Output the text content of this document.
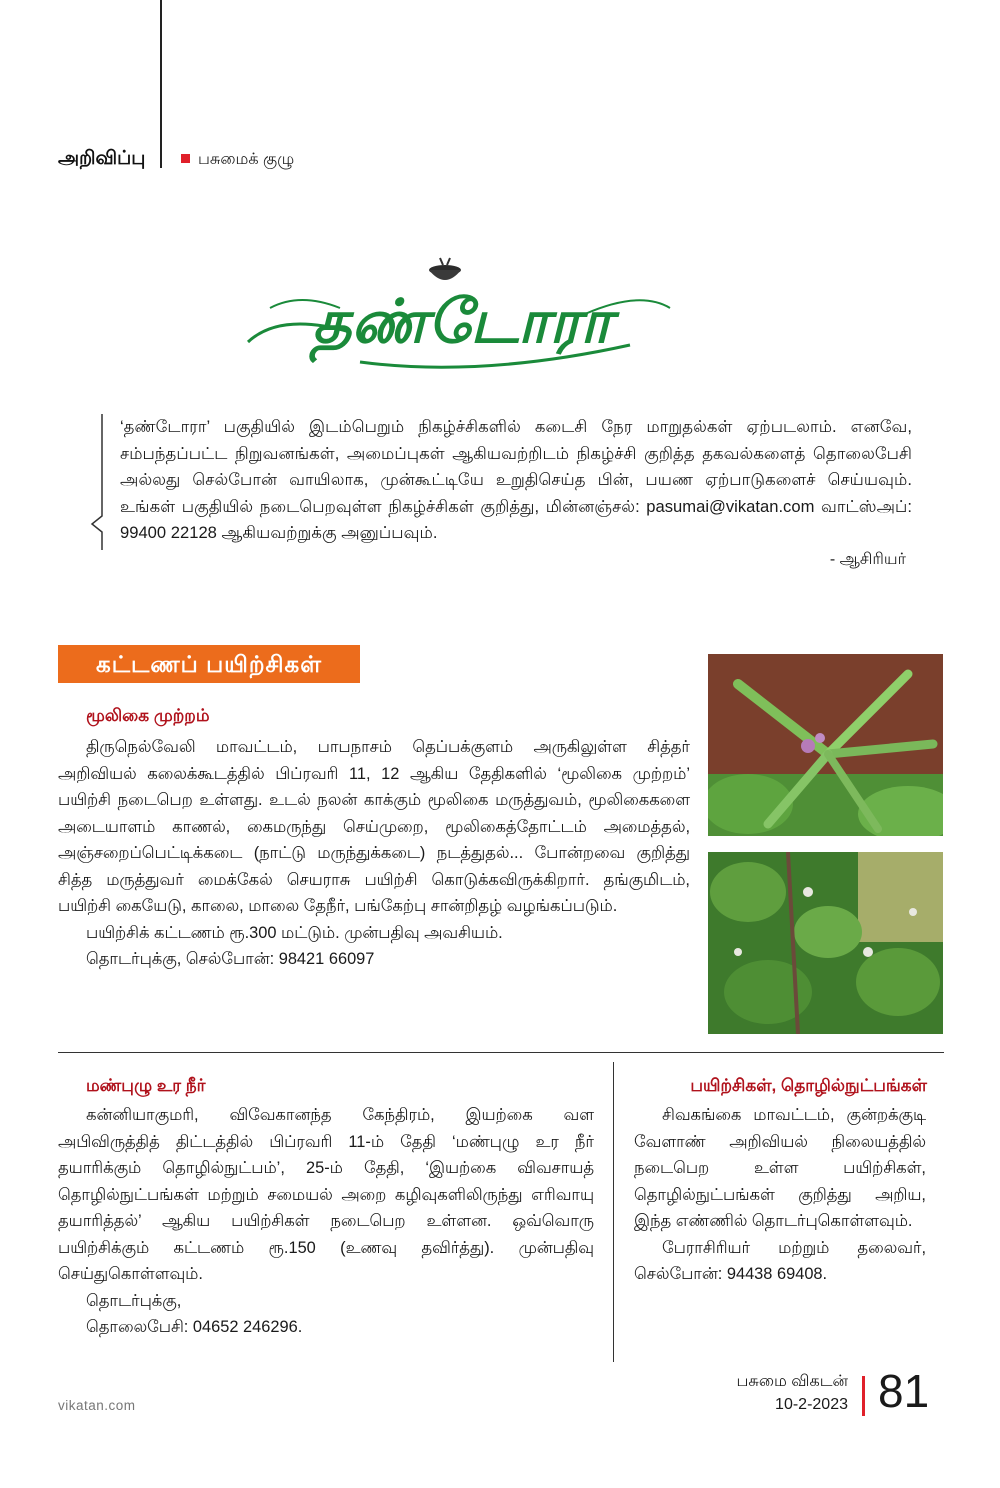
அறிவிப்பு	பசுமைக் குழு
தண்டோரா
‘தண்டோரா’ பகுதியில் இடம்பெறும் நிகழ்ச்சிகளில் கடைசி நேர மாறுதல்கள் ஏற்படலாம். எனவே, சம்பந்தப்பட்ட நிறுவனங்கள், அமைப்புகள் ஆகியவற்றிடம் நிகழ்ச்சி குறித்த தகவல்களைத் தொலைபேசி அல்லது செல்போன் வாயிலாக, முன்கூட்டியே உறுதிசெய்த பின், பயண ஏற்பாடுகளைச் செய்யவும். உங்கள் பகுதியில் நடைபெறவுள்ள நிகழ்ச்சிகள் குறித்து, மின்னஞ்சல்: pasumai@vikatan.com வாட்ஸ்அப்: 99400 22128 ஆகியவற்றுக்கு அனுப்பவும்.
- ஆசிரியர்
கட்டணப் பயிற்சிகள்
மூலிகை முற்றம்

திருநெல்வேலி மாவட்டம், பாபநாசம் தெப்பக்குளம் அருகிலுள்ள சித்தர் அறிவியல் கலைக்கூடத்தில் பிப்ரவரி 11, 12 ஆகிய தேதிகளில் ‘மூலிகை முற்றம்’ பயிற்சி நடைபெற உள்ளது. உடல் நலன் காக்கும் மூலிகை மருத்துவம், மூலிகைகளை அடையாளம் காணல், கைமருந்து செய்முறை, மூலிகைத்தோட்டம் அமைத்தல், அஞ்சறைப்பெட்டிக்கடை (நாட்டு மருந்துக்கடை) நடத்துதல்... போன்றவை குறித்து சித்த மருத்துவர் மைக்கேல் செயராசு பயிற்சி கொடுக்கவிருக்கிறார். தங்குமிடம், பயிற்சி கையேடு, காலை, மாலை தேநீர், பங்கேற்பு சான்றிதழ் வழங்கப்படும்.

பயிற்சிக் கட்டணம் ரூ.300 மட்டும். முன்பதிவு அவசியம்.

தொடர்புக்கு, செல்போன்: 98421 66097

மண்புழு உர நீர்

கன்னியாகுமரி, விவேகானந்த கேந்திரம், இயற்கை வள அபிவிருத்தித் திட்டத்தில் பிப்ரவரி 11-ம் தேதி ‘மண்புழு உர நீர் தயாரிக்கும் தொழில்நுட்பம்’, 25-ம் தேதி, ‘இயற்கை விவசாயத் தொழில்நுட்பங்கள் மற்றும் சமையல் அறை கழிவுகளிலிருந்து எரிவாயு தயாரித்தல்’ ஆகிய பயிற்சிகள் நடைபெற உள்ளன. ஒவ்வொரு பயிற்சிக்கும் கட்டணம் ரூ.150 (உணவு தவிர்த்து). முன்பதிவு செய்துகொள்ளவும்.

தொடர்புக்கு,

தொலைபேசி: 04652 246296.

பயிற்சிகள், தொழில்நுட்பங்கள்

சிவகங்கை மாவட்டம், குன்றக்குடி வேளாண் அறிவியல் நிலையத்தில் நடைபெற உள்ள பயிற்சிகள், தொழில்நுட்பங்கள் குறித்து அறிய, இந்த எண்ணில் தொடர்புகொள்ளவும்.

பேராசிரியர் மற்றும் தலைவர், செல்போன்: 94438 69408.

vikatan.com
பசுமை விகடன்
10-2-2023 81
